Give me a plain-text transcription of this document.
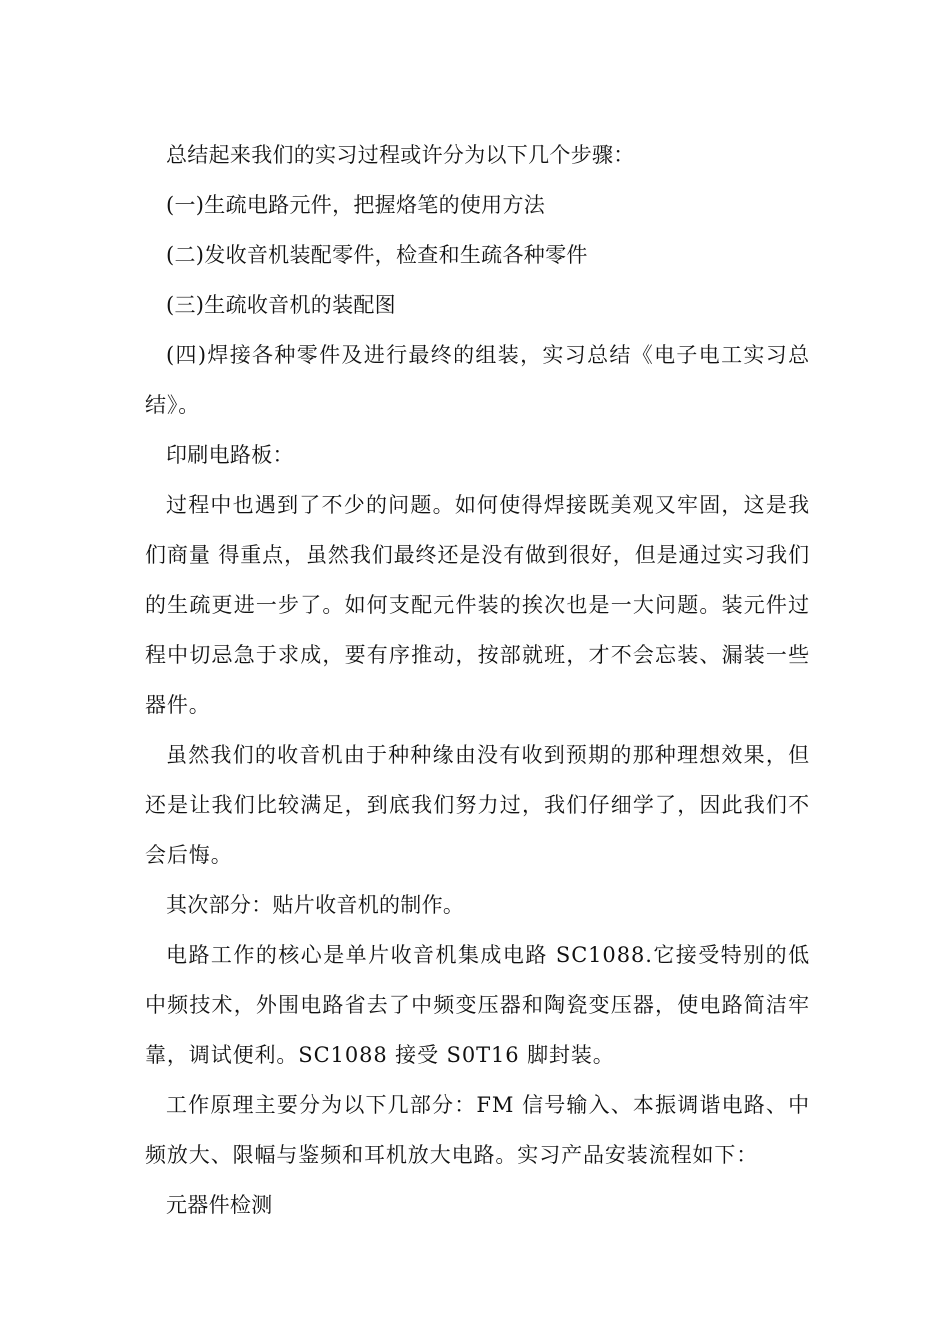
总结起来我们的实习过程或许分为以下几个步骤：

(一)生疏电路元件，把握烙笔的使用方法

(二)发收音机装配零件，检查和生疏各种零件

(三)生疏收音机的装配图

(四)焊接各种零件及进行最终的组装，实习总结《电子电工实习总结》。

印刷电路板：

过程中也遇到了不少的问题。如何使得焊接既美观又牢固，这是我们商量 得重点，虽然我们最终还是没有做到很好，但是通过实习我们的生疏更进一步了。如何支配元件装的挨次也是一大问题。装元件过程中切忌急于求成，要有序推动，按部就班，才不会忘装、漏装一些器件。

虽然我们的收音机由于种种缘由没有收到预期的那种理想效果，但还是让我们比较满足，到底我们努力过，我们仔细学了，因此我们不会后悔。

其次部分：贴片收音机的制作。

电路工作的核心是单片收音机集成电路 SC1088.它接受特别的低中频技术，外围电路省去了中频变压器和陶瓷变压器，使电路简洁牢靠，调试便利。SC1088 接受 S0T16 脚封装。

工作原理主要分为以下几部分：FM 信号输入、本振调谐电路、中频放大、限幅与鉴频和耳机放大电路。实习产品安装流程如下：

元器件检测
